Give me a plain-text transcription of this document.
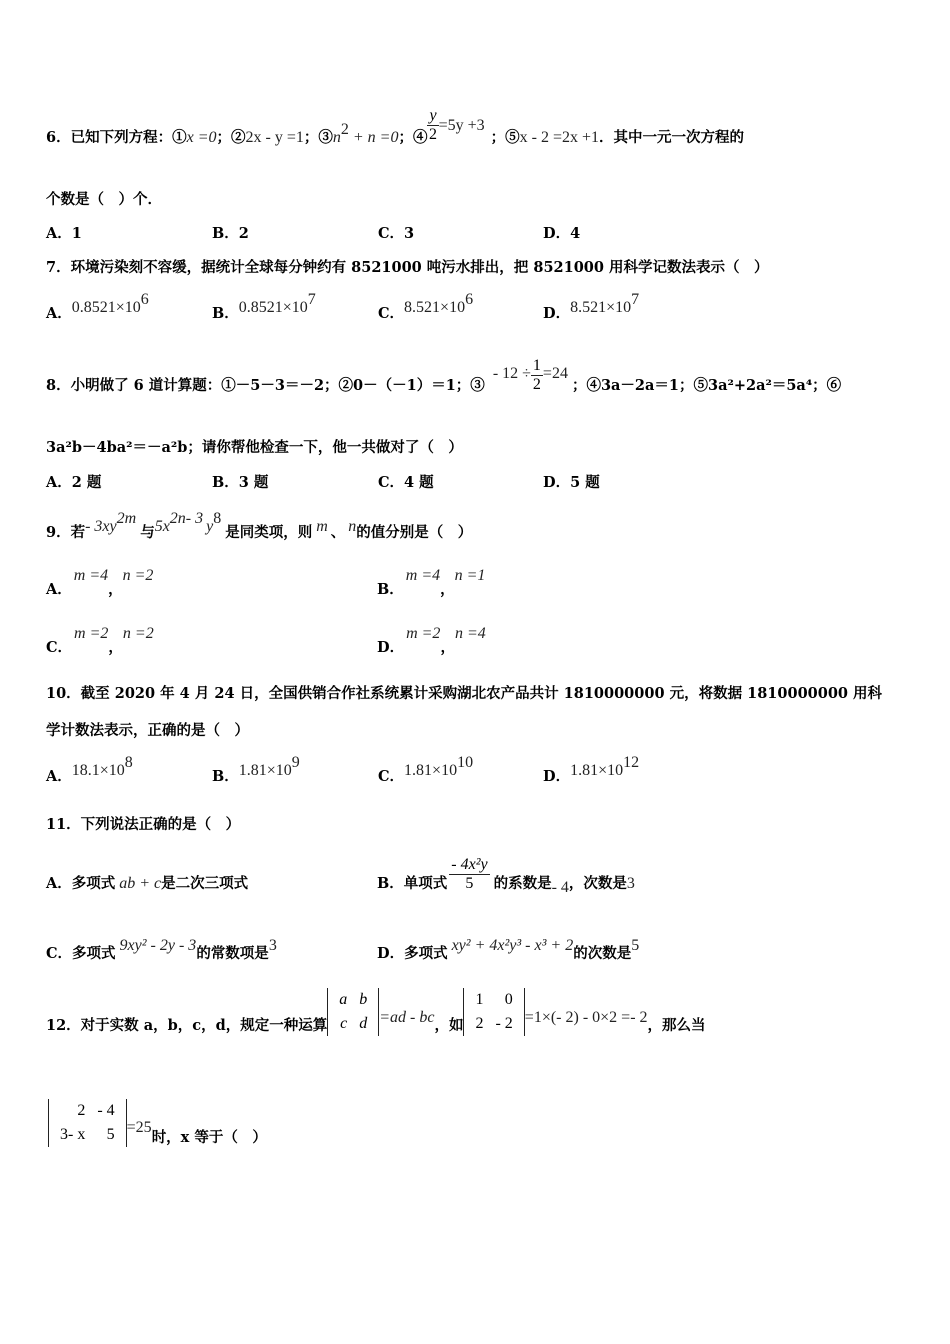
6．已知下列方程：①x =0；②2x - y =1；$③n^2 + n =0$；④ $\frac{y}{2} =5y +3$；⑤x - 2 =2x +1．其中一元一次方程的
个数是（　）个．
A．1	B．2	C．3	D．4
7．环境污染刻不容缓，据统计全球每分钟约有 8521000 吨污水排出，把 8521000 用科学记数法表示（　）
A．$0.8521\times 10^6$
B．$0.8521\times 10^7$
C．$8.521\times 10^6$
D．$8.521\times 10^7$
8．小明做了 6 道计算题：①－5－3＝－2；②0－（－1）＝1；③- $12 \div \frac{1}{2} =24$；④3a－2a＝1；⑤3a²+2a²＝5a⁴；⑥
3a²b－4ba²＝－a²b；请你帮他检查一下，他一共做对了（　）
A．2 题	B．3 题	C．4 题	D．5 题
9．若- $3xy^{2m}$与$5x^{2n- 3}$ $y^8$是同类项，则 m 、 n的值分别是（　）
A．m =4，n =2
B．m =4，n =1
C．m =2，n =2
D．m =2，n =4
10．截至 2020 年 4 月 24 日，全国供销合作社系统累计采购湖北农产品共计 1810000000 元，将数据 1810000000 用科
学计数法表示，正确的是（　）
A．$18.1\times 10^8$
B．$1.81\times 10^9$
C．$1.81\times 10^{10}$
D．$1.81\times 10^{12}$
11．下列说法正确的是（　）
A．多项式 ab + c是二次三项式	B．单项式 $\frac{\text{- 4x²y}}{5}$ 的系数是- 4，次数是3
C．多项式 9xy² - 2y - 3的常数项是3	D．多项式 xy² + 4x²y³ - x³ + 2的次数是5
12．对于实数 a，b，c，d，规定一种运算
a	b
c	d =ad - bc，如
1	0
2	- 2 =1×(- 2) - 0×2 =- 2，那么当
2	- 4
3- x	5 =25时，x 等于（　）
